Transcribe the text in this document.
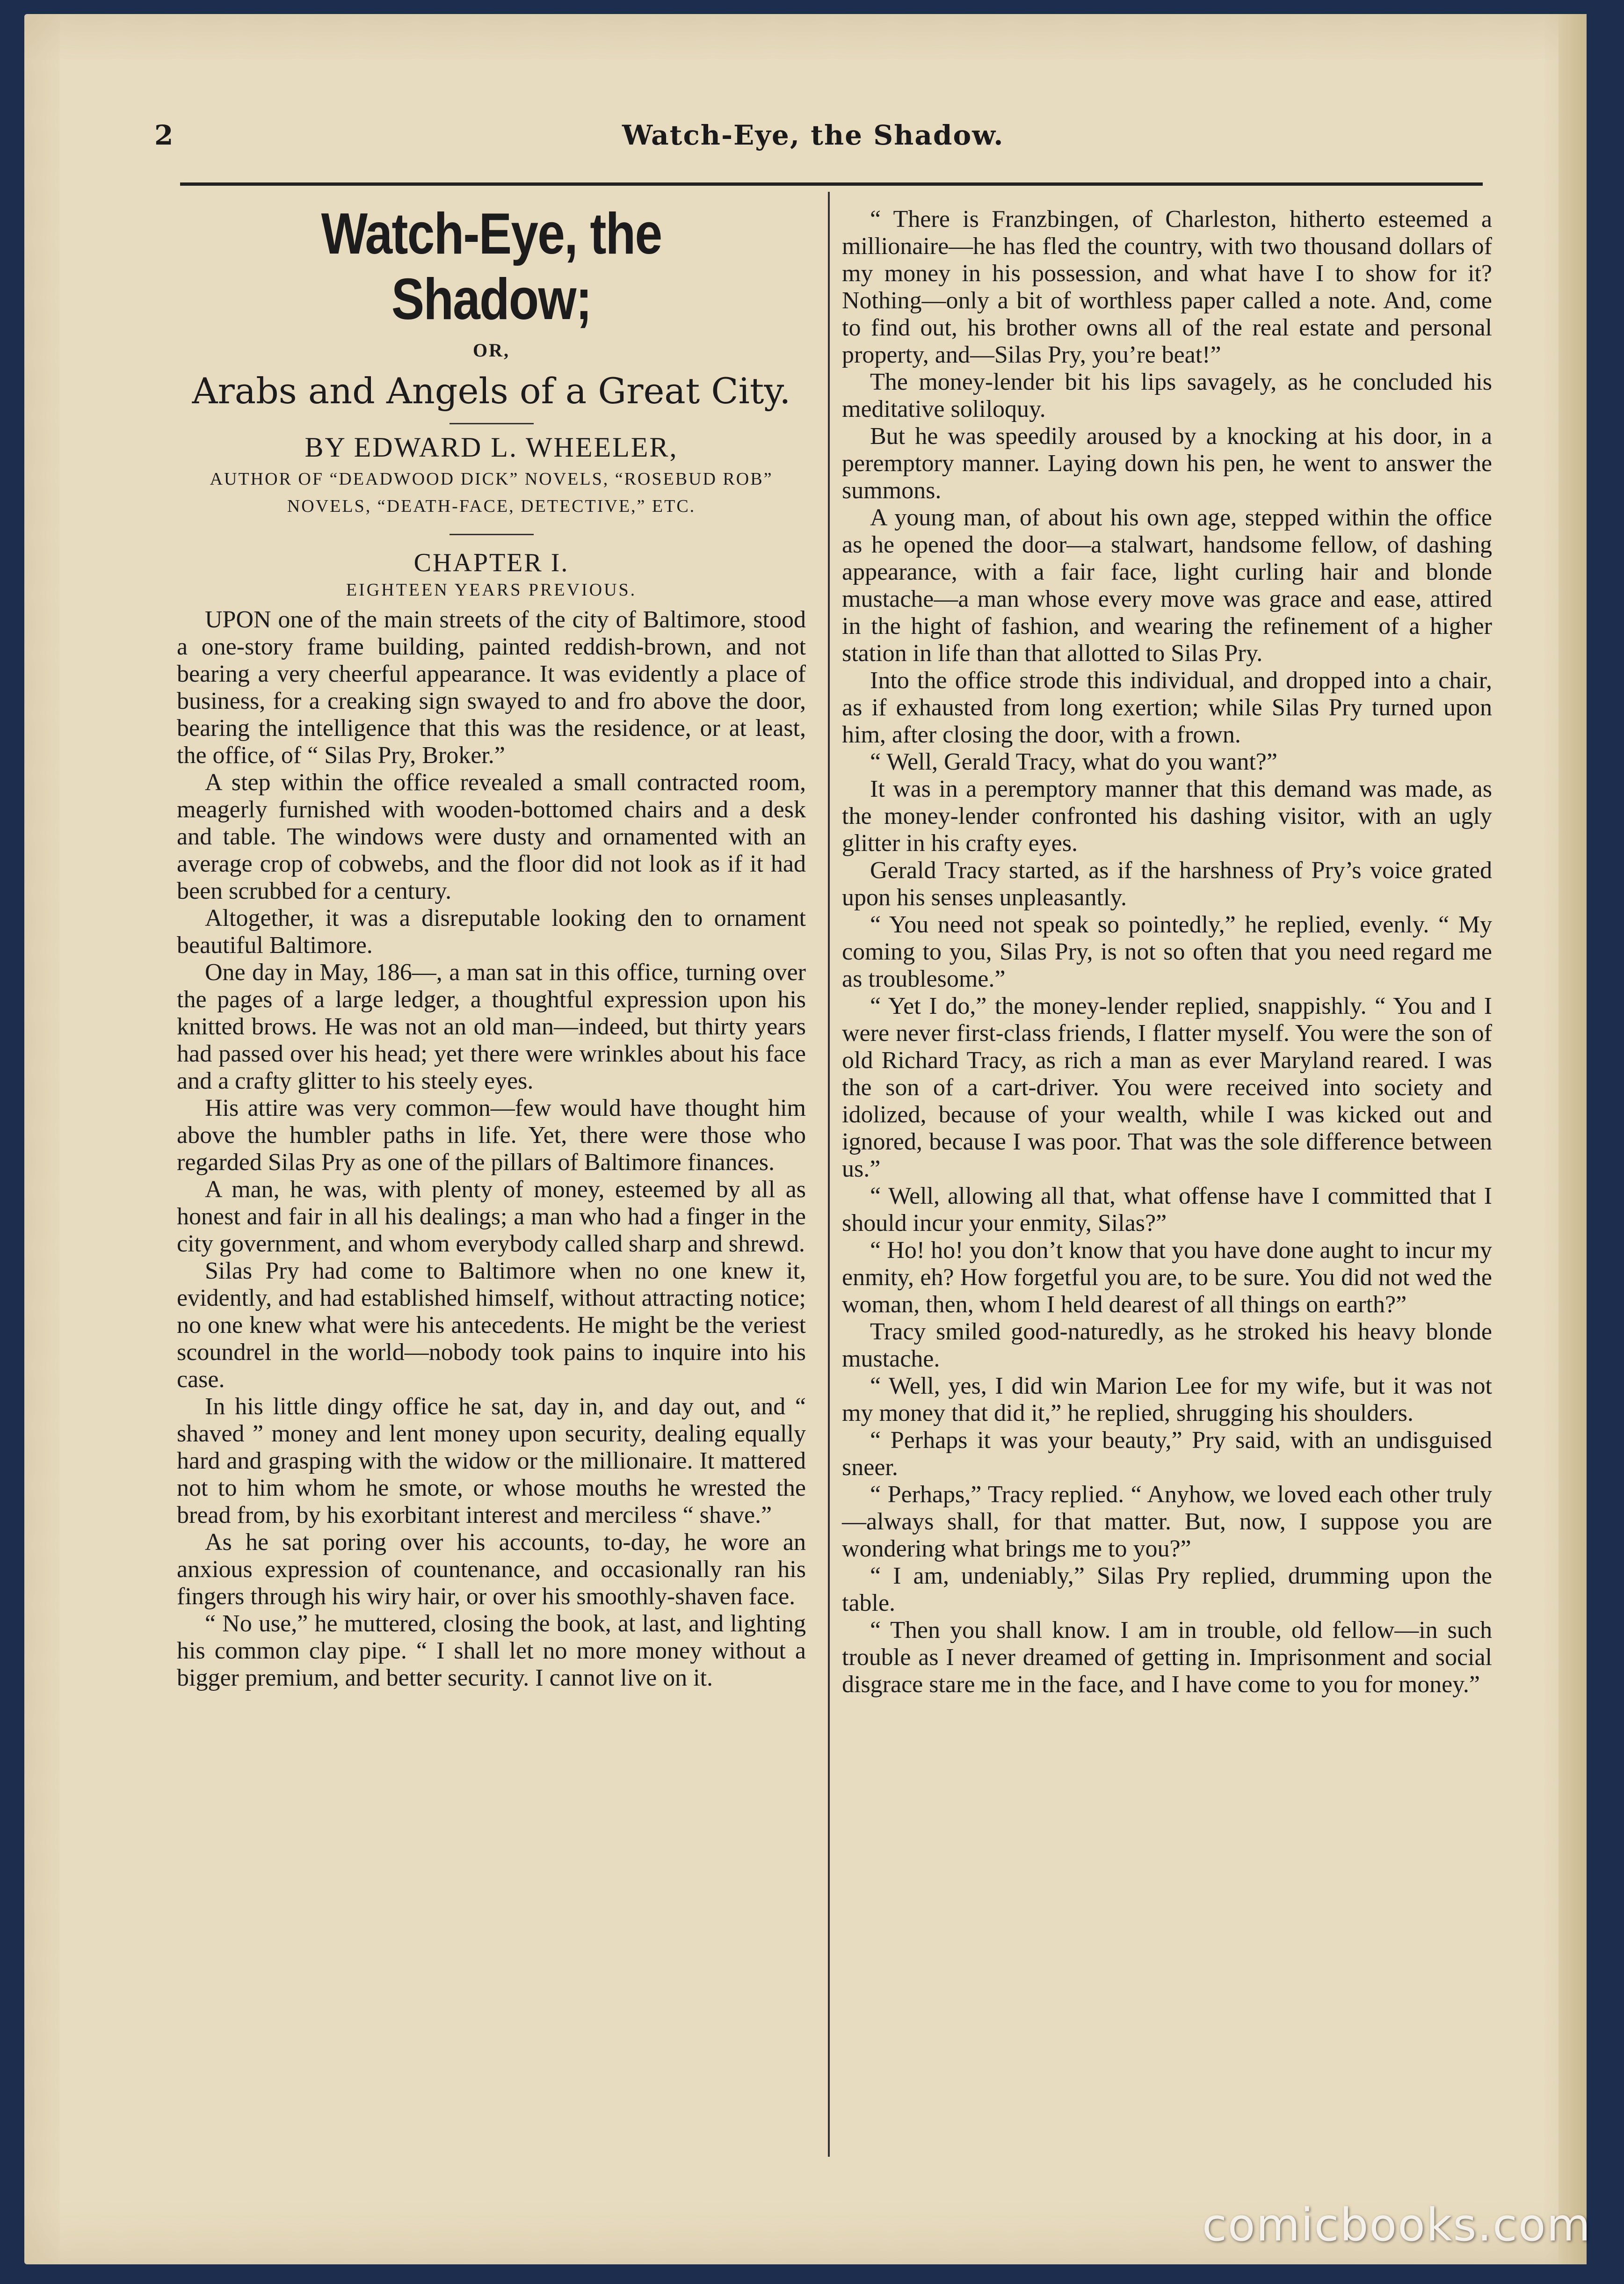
2	Watch-Eye, the Shadow.
Watch-Eye, the Shadow;
OR,
Arabs and Angels of a Great City.
BY EDWARD L. WHEELER,
AUTHOR OF “DEADWOOD DICK” NOVELS, “ROSEBUD ROB” NOVELS, “DEATH-FACE, DETECTIVE,” ETC.
CHAPTER I.
EIGHTEEN YEARS PREVIOUS.

UPON one of the main streets of the city of Baltimore, stood a one-story frame building, painted reddish-brown, and not bearing a very cheerful appearance. It was evidently a place of business, for a creaking sign swayed to and fro above the door, bearing the intelligence that this was the residence, or at least, the office, of “ Silas Pry, Broker.”

A step within the office revealed a small contracted room, meagerly furnished with wooden-bottomed chairs and a desk and table. The windows were dusty and ornamented with an average crop of cobwebs, and the floor did not look as if it had been scrubbed for a century.

Altogether, it was a disreputable looking den to ornament beautiful Baltimore.

One day in May, 186—, a man sat in this office, turning over the pages of a large ledger, a thoughtful expression upon his knitted brows. He was not an old man—indeed, but thirty years had passed over his head; yet there were wrinkles about his face and a crafty glitter to his steely eyes.

His attire was very common—few would have thought him above the humbler paths in life. Yet, there were those who regarded Silas Pry as one of the pillars of Baltimore finances.

A man, he was, with plenty of money, esteemed by all as honest and fair in all his dealings; a man who had a finger in the city government, and whom everybody called sharp and shrewd.

Silas Pry had come to Baltimore when no one knew it, evidently, and had established himself, without attracting notice; no one knew what were his antecedents. He might be the veriest scoundrel in the world—nobody took pains to inquire into his case.

In his little dingy office he sat, day in, and day out, and “ shaved ” money and lent money upon security, dealing equally hard and grasping with the widow or the millionaire. It mattered not to him whom he smote, or whose mouths he wrested the bread from, by his exorbitant interest and merciless “ shave.”

As he sat poring over his accounts, to-day, he wore an anxious expression of countenance, and occasionally ran his fingers through his wiry hair, or over his smoothly-shaven face.

“ No use,” he muttered, closing the book, at last, and lighting his common clay pipe. “ I shall let no more money without a bigger premium, and better security. I cannot live on it.

“ There is Franzbingen, of Charleston, hitherto esteemed a millionaire—he has fled the country, with two thousand dollars of my money in his possession, and what have I to show for it? Nothing—only a bit of worthless paper called a note. And, come to find out, his brother owns all of the real estate and personal property, and—Silas Pry, you’re beat!”

The money-lender bit his lips savagely, as he concluded his meditative soliloquy.

But he was speedily aroused by a knocking at his door, in a peremptory manner. Laying down his pen, he went to answer the summons.

A young man, of about his own age, stepped within the office as he opened the door—a stalwart, handsome fellow, of dashing appearance, with a fair face, light curling hair and blonde mustache—a man whose every move was grace and ease, attired in the hight of fashion, and wearing the refinement of a higher station in life than that allotted to Silas Pry.

Into the office strode this individual, and dropped into a chair, as if exhausted from long exertion; while Silas Pry turned upon him, after closing the door, with a frown.

“ Well, Gerald Tracy, what do you want?”

It was in a peremptory manner that this demand was made, as the money-lender confronted his dashing visitor, with an ugly glitter in his crafty eyes.

Gerald Tracy started, as if the harshness of Pry’s voice grated upon his senses unpleasantly.

“ You need not speak so pointedly,” he replied, evenly. “ My coming to you, Silas Pry, is not so often that you need regard me as troublesome.”

“ Yet I do,” the money-lender replied, snappishly. “ You and I were never first-class friends, I flatter myself. You were the son of old Richard Tracy, as rich a man as ever Maryland reared. I was the son of a cart-driver. You were received into society and idolized, because of your wealth, while I was kicked out and ignored, because I was poor. That was the sole difference between us.”

“ Well, allowing all that, what offense have I committed that I should incur your enmity, Silas?”

“ Ho! ho! you don’t know that you have done aught to incur my enmity, eh? How forgetful you are, to be sure. You did not wed the woman, then, whom I held dearest of all things on earth?”

Tracy smiled good-naturedly, as he stroked his heavy blonde mustache.

“ Well, yes, I did win Marion Lee for my wife, but it was not my money that did it,” he replied, shrugging his shoulders.

“ Perhaps it was your beauty,” Pry said, with an undisguised sneer.

“ Perhaps,” Tracy replied. “ Anyhow, we loved each other truly—always shall, for that matter. But, now, I suppose you are wondering what brings me to you?”

“ I am, undeniably,” Silas Pry replied, drumming upon the table.

“ Then you shall know. I am in trouble, old fellow—in such trouble as I never dreamed of getting in. Imprisonment and social disgrace stare me in the face, and I have come to you for money.”

comicbooks.com
